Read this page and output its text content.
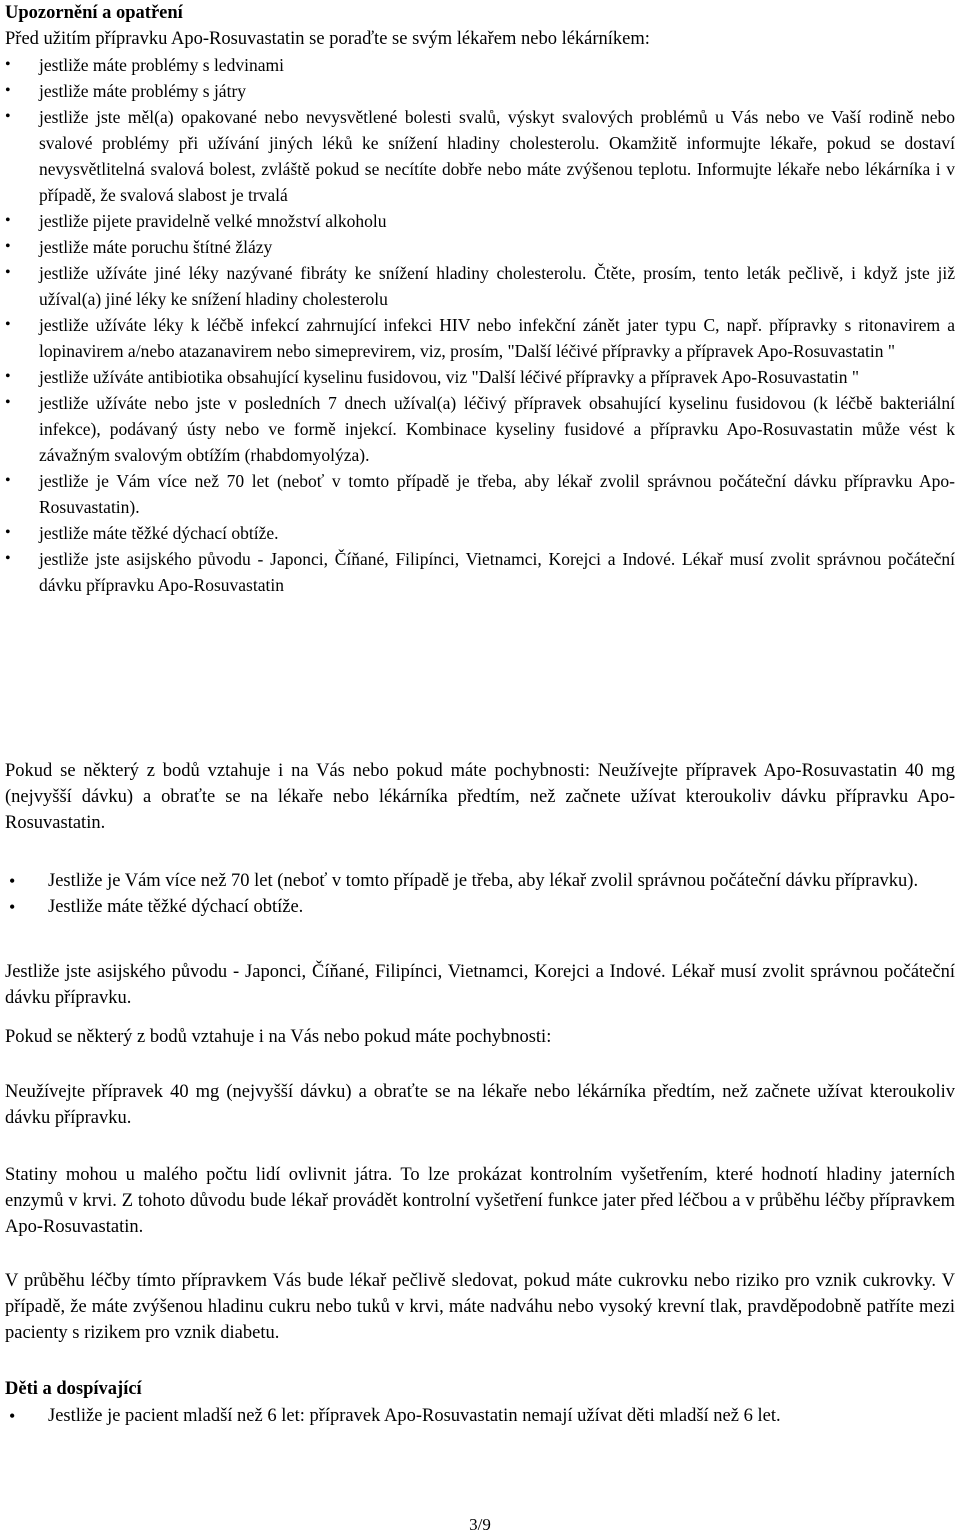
Upozornění a opatření
Před užitím přípravku Apo-Rosuvastatin se poraďte se svým lékařem nebo lékárníkem:
• jestliže máte problémy s ledvinami
• jestliže máte problémy s játry
• jestliže jste měl(a) opakované nebo nevysvětlené bolesti svalů, výskyt svalových problémů u Vás nebo ve Vaší rodině nebo svalové problémy při užívání jiných léků ke snížení hladiny cholesterolu. Okamžitě informujte lékaře, pokud se dostaví nevysvětlitelná svalová bolest, zvláště pokud se necítíte dobře nebo máte zvýšenou teplotu. Informujte lékaře nebo lékárníka i v případě, že svalová slabost je trvalá
• jestliže pijete pravidelně velké množství alkoholu
• jestliže máte poruchu štítné žlázy
• jestliže užíváte jiné léky nazývané fibráty ke snížení hladiny cholesterolu. Čtěte, prosím, tento leták pečlivě, i když jste již užíval(a) jiné léky ke snížení hladiny cholesterolu
• jestliže užíváte léky k léčbě infekcí zahrnující infekci HIV nebo infekční zánět jater typu C, např. přípravky s ritonavirem a lopinavirem a/nebo atazanavirem nebo simeprevirem, viz, prosím, "Další léčivé přípravky a přípravek Apo-Rosuvastatin "
• jestliže užíváte antibiotika obsahující kyselinu fusidovou, viz "Další léčivé přípravky a přípravek Apo-Rosuvastatin "
• jestliže užíváte nebo jste v posledních 7 dnech užíval(a) léčivý přípravek obsahující kyselinu fusidovou (k léčbě bakteriální infekce), podávaný ústy nebo ve formě injekcí. Kombinace kyseliny fusidové a přípravku Apo-Rosuvastatin může vést k závažným svalovým obtížím (rhabdomyolýza).
• jestliže je Vám více než 70 let (neboť v tomto případě je třeba, aby lékař zvolil správnou počáteční dávku přípravku Apo-Rosuvastatin).
• jestliže máte těžké dýchací obtíže.
• jestliže jste asijského původu - Japonci, Číňané, Filipínci, Vietnamci, Korejci a Indové. Lékař musí zvolit správnou počáteční dávku přípravku Apo-Rosuvastatin
Pokud se některý z bodů vztahuje i na Vás nebo pokud máte pochybnosti: Neužívejte přípravek Apo-Rosuvastatin 40 mg (nejvyšší dávku) a obraťte se na lékaře nebo lékárníka předtím, než začnete užívat kteroukoliv dávku přípravku Apo-Rosuvastatin.
• Jestliže je Vám více než 70 let (neboť v tomto případě je třeba, aby lékař zvolil správnou počáteční dávku přípravku).
• Jestliže máte těžké dýchací obtíže.
Jestliže jste asijského původu - Japonci, Číňané, Filipínci, Vietnamci, Korejci a Indové. Lékař musí zvolit správnou počáteční dávku přípravku.
Pokud se některý z bodů vztahuje i na Vás nebo pokud máte pochybnosti:
Neužívejte přípravek 40 mg (nejvyšší dávku) a obraťte se na lékaře nebo lékárníka předtím, než začnete užívat kteroukoliv dávku přípravku.
Statiny mohou u malého počtu lidí ovlivnit játra. To lze prokázat kontrolním vyšetřením, které hodnotí hladiny jaterních enzymů v krvi. Z tohoto důvodu bude lékař provádět kontrolní vyšetření funkce jater před léčbou a v průběhu léčby přípravkem Apo-Rosuvastatin.
V průběhu léčby tímto přípravkem Vás bude lékař pečlivě sledovat, pokud máte cukrovku nebo riziko pro vznik cukrovky. V případě, že máte zvýšenou hladinu cukru nebo tuků v krvi, máte nadváhu nebo vysoký krevní tlak, pravděpodobně patříte mezi pacienty s rizikem pro vznik diabetu.
Děti a dospívající
• Jestliže je pacient mladší než 6 let: přípravek Apo-Rosuvastatin nemají užívat děti mladší než 6 let.
3/9
